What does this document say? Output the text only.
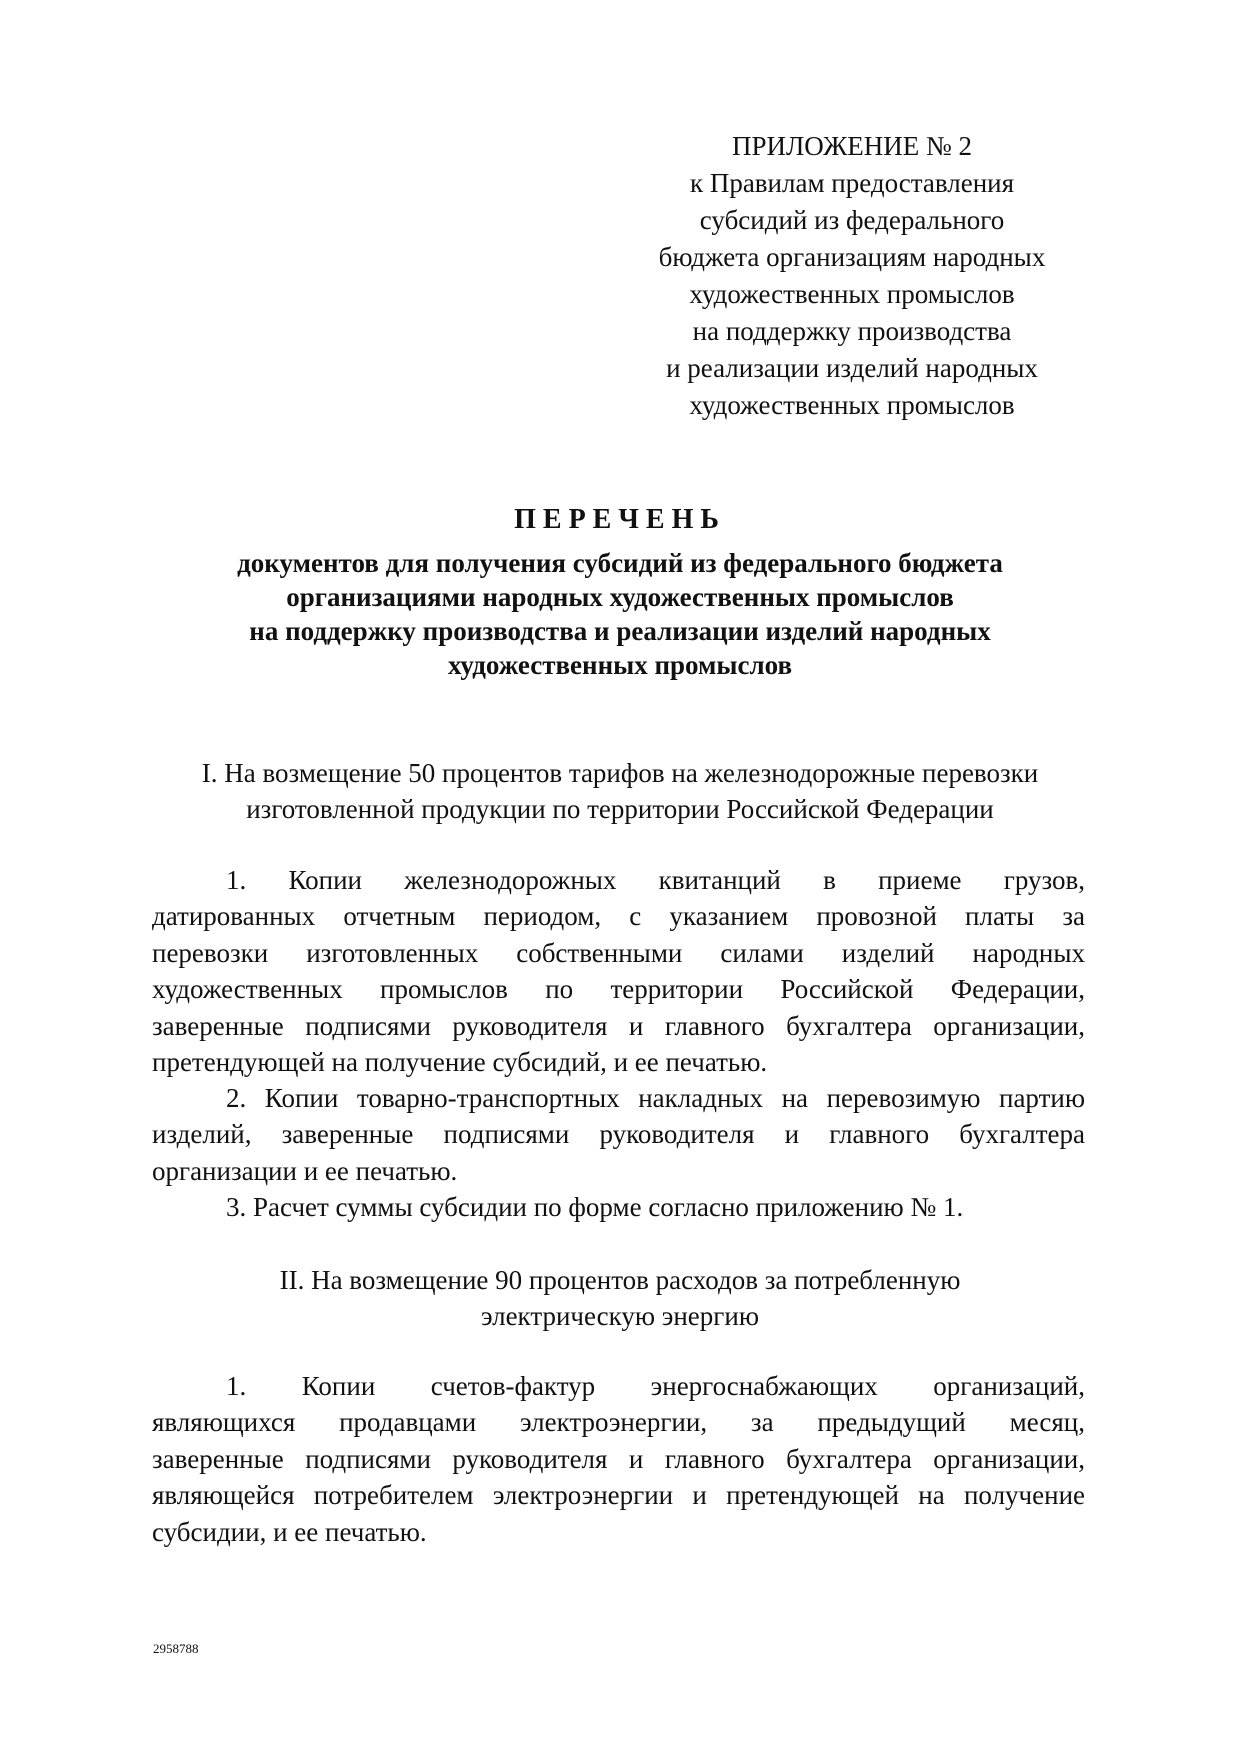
ПРИЛОЖЕНИЕ № 2
к Правилам предоставления
субсидий из федерального
бюджета организациям народных
художественных промыслов
на поддержку производства
и реализации изделий народных
художественных промыслов
ПЕРЕЧЕНЬ
документов для получения субсидий из федерального бюджета
организациями народных художественных промыслов
на поддержку производства и реализации изделий народных
художественных промыслов
I. На возмещение 50 процентов тарифов на железнодорожные перевозки
изготовленной продукции по территории Российской Федерации
1. Копии железнодорожных квитанций в приеме грузов,
датированных отчетным периодом, с указанием провозной платы за
перевозки изготовленных собственными силами изделий народных
художественных промыслов по территории Российской Федерации,
заверенные подписями руководителя и главного бухгалтера организации,
претендующей на получение субсидий, и ее печатью.
2. Копии товарно-транспортных накладных на перевозимую партию
изделий, заверенные подписями руководителя и главного бухгалтера
организации и ее печатью.
3. Расчет суммы субсидии по форме согласно приложению № 1.
II. На возмещение 90 процентов расходов за потребленную
электрическую энергию
1. Копии счетов-фактур энергоснабжающих организаций,
являющихся продавцами электроэнергии, за предыдущий месяц,
заверенные подписями руководителя и главного бухгалтера организации,
являющейся потребителем электроэнергии и претендующей на получение
субсидии, и ее печатью.
2958788
